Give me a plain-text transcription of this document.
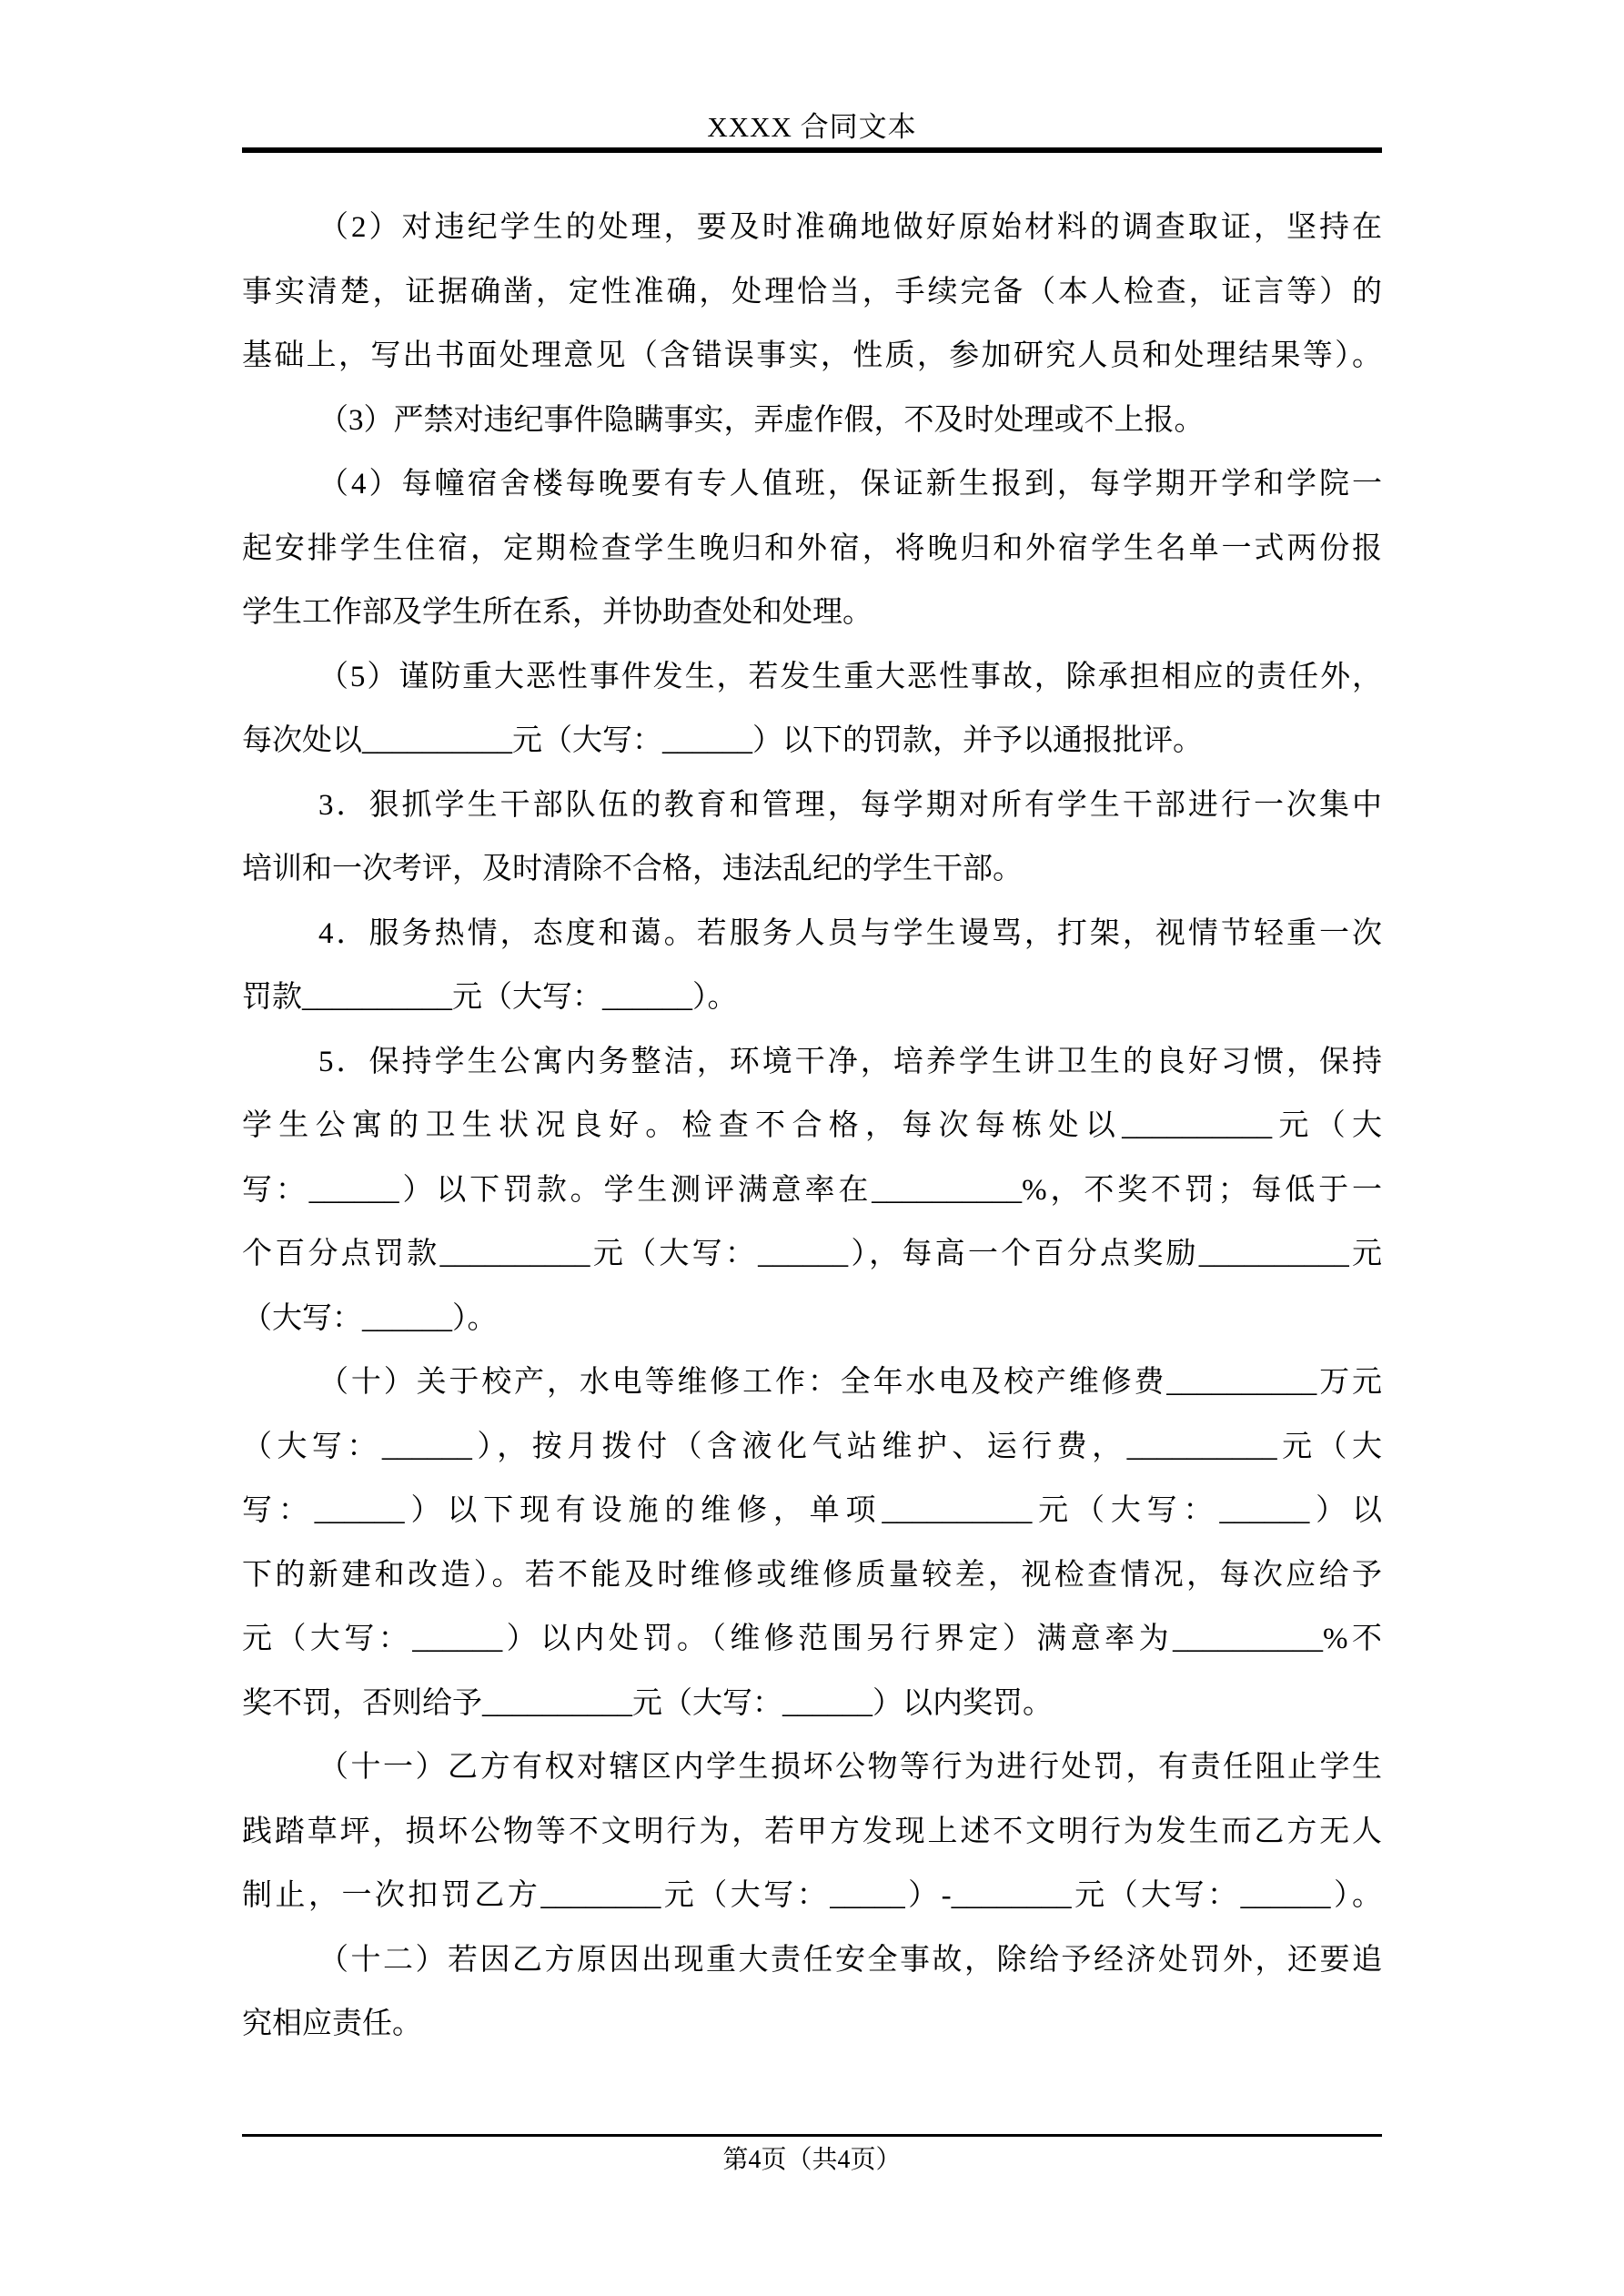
XXXX 合同文本
（2）对违纪学生的处理，要及时准确地做好原始材料的调查取证，坚持在
事实清楚，证据确凿，定性准确，处理恰当，手续完备（本人检查，证言等）的
基础上，写出书面处理意见（含错误事实，性质，参加研究人员和处理结果等）。
（3）严禁对违纪事件隐瞒事实，弄虚作假，不及时处理或不上报。
（4）每幢宿舍楼每晚要有专人值班，保证新生报到，每学期开学和学院一
起安排学生住宿，定期检查学生晚归和外宿，将晚归和外宿学生名单一式两份报
学生工作部及学生所在系，并协助查处和处理。
（5）谨防重大恶性事件发生，若发生重大恶性事故，除承担相应的责任外，
每次处以__________元（大写：______）以下的罚款，并予以通报批评。
3．狠抓学生干部队伍的教育和管理，每学期对所有学生干部进行一次集中
培训和一次考评，及时清除不合格，违法乱纪的学生干部。
4．服务热情，态度和蔼。若服务人员与学生谩骂，打架，视情节轻重一次
罚款__________元（大写：______）。
5．保持学生公寓内务整洁，环境干净，培养学生讲卫生的良好习惯，保持
学生公寓的卫生状况良好。检查不合格，每次每栋处以__________元（大
写：______）以下罚款。学生测评满意率在__________%，不奖不罚；每低于一
个百分点罚款__________元（大写：______），每高一个百分点奖励__________元
（大写：______）。
（十）关于校产，水电等维修工作：全年水电及校产维修费__________万元
（大写：______），按月拨付（含液化气站维护、运行费，__________元（大
写：______）以下现有设施的维修，单项__________元（大写：______）以
下的新建和改造）。若不能及时维修或维修质量较差，视检查情况，每次应给予
元（大写：______）以内处罚。（维修范围另行界定）满意率为__________%不
奖不罚，否则给予__________元（大写：______）以内奖罚。
（十一）乙方有权对辖区内学生损坏公物等行为进行处罚，有责任阻止学生
践踏草坪，损坏公物等不文明行为，若甲方发现上述不文明行为发生而乙方无人
制止，一次扣罚乙方________元（大写：_____）-________元（大写：______）。
（十二）若因乙方原因出现重大责任安全事故，除给予经济处罚外，还要追
究相应责任。
第4页（共4页）
